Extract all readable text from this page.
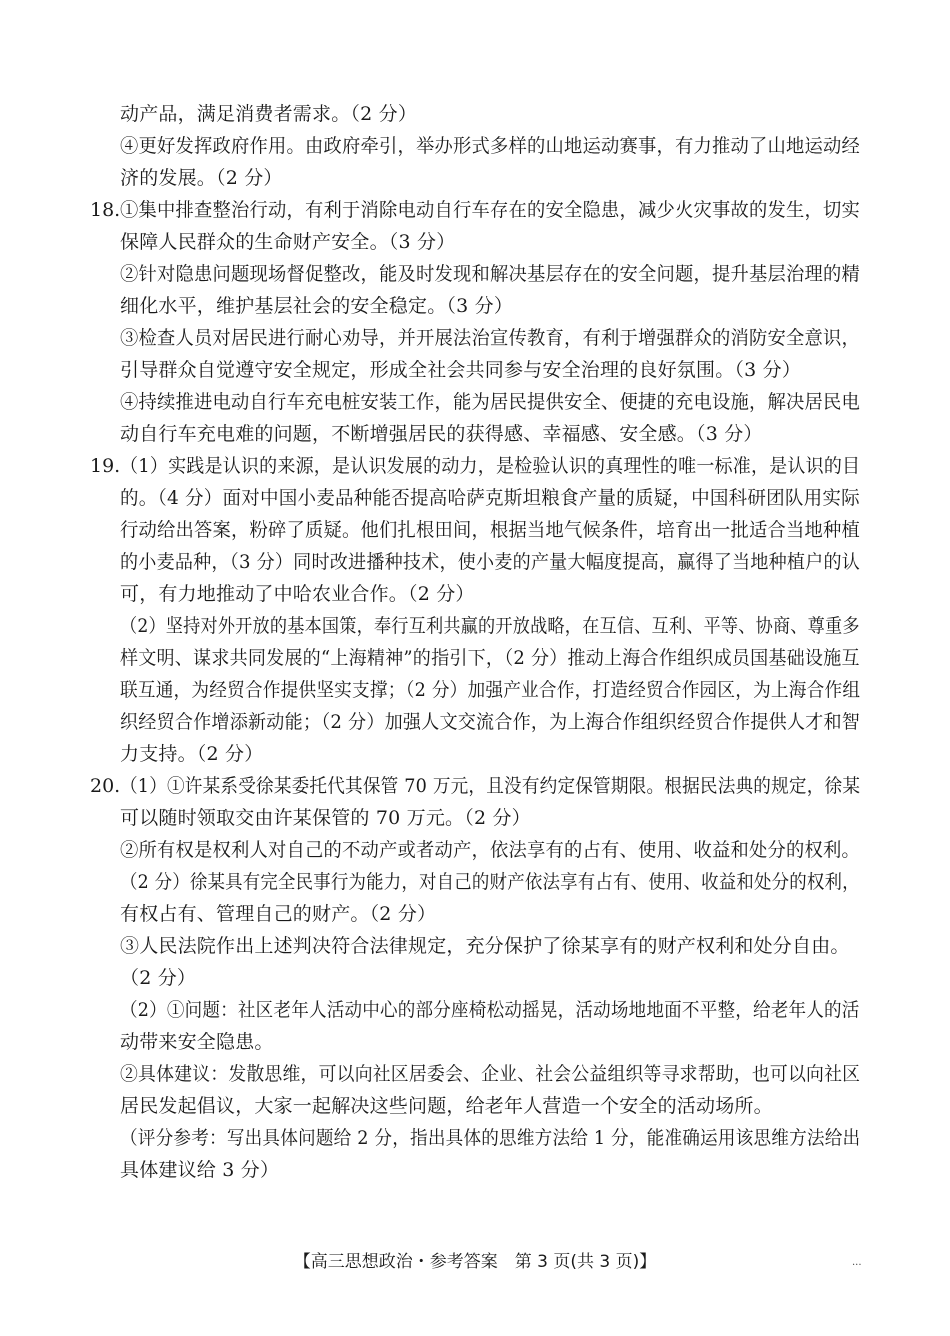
动产品，满足消费者需求。（2 分）
④更好发挥政府作用。由政府牵引，举办形式多样的山地运动赛事，有力推动了山地运动经
济的发展。（2 分）
18. ①集中排查整治行动，有利于消除电动自行车存在的安全隐患，减少火灾事故的发生，切实
保障人民群众的生命财产安全。（3 分）
②针对隐患问题现场督促整改，能及时发现和解决基层存在的安全问题，提升基层治理的精
细化水平，维护基层社会的安全稳定。（3 分）
③检查人员对居民进行耐心劝导，并开展法治宣传教育，有利于增强群众的消防安全意识，
引导群众自觉遵守安全规定，形成全社会共同参与安全治理的良好氛围。（3 分）
④持续推进电动自行车充电桩安装工作，能为居民提供安全、便捷的充电设施，解决居民电
动自行车充电难的问题，不断增强居民的获得感、幸福感、安全感。（3 分）
19. （1）实践是认识的来源，是认识发展的动力，是检验认识的真理性的唯一标准，是认识的目
的。（4 分）面对中国小麦品种能否提高哈萨克斯坦粮食产量的质疑，中国科研团队用实际
行动给出答案，粉碎了质疑。他们扎根田间，根据当地气候条件，培育出一批适合当地种植
的小麦品种，（3 分）同时改进播种技术，使小麦的产量大幅度提高，赢得了当地种植户的认
可，有力地推动了中哈农业合作。（2 分）
（2）坚持对外开放的基本国策，奉行互利共赢的开放战略，在互信、互利、平等、协商、尊重多
样文明、谋求共同发展的“上海精神”的指引下，（2 分）推动上海合作组织成员国基础设施互
联互通，为经贸合作提供坚实支撑；（2 分）加强产业合作，打造经贸合作园区，为上海合作组
织经贸合作增添新动能；（2 分）加强人文交流合作，为上海合作组织经贸合作提供人才和智
力支持。（2 分）
20. （1）①许某系受徐某委托代其保管 70 万元，且没有约定保管期限。根据民法典的规定，徐某
可以随时领取交由许某保管的 70 万元。（2 分）
②所有权是权利人对自己的不动产或者动产，依法享有的占有、使用、收益和处分的权利。
（2 分）徐某具有完全民事行为能力，对自己的财产依法享有占有、使用、收益和处分的权利，
有权占有、管理自己的财产。（2 分）
③人民法院作出上述判决符合法律规定，充分保护了徐某享有的财产权利和处分自由。
（2 分）
（2）①问题：社区老年人活动中心的部分座椅松动摇晃，活动场地地面不平整，给老年人的活
动带来安全隐患。
②具体建议：发散思维，可以向社区居委会、企业、社会公益组织等寻求帮助，也可以向社区
居民发起倡议，大家一起解决这些问题，给老年人营造一个安全的活动场所。
（评分参考：写出具体问题给 2 分，指出具体的思维方法给 1 分，能准确运用该思维方法给出
具体建议给 3 分）
【高三思想政治・参考答案　第 3 页(共 3 页)】	...
